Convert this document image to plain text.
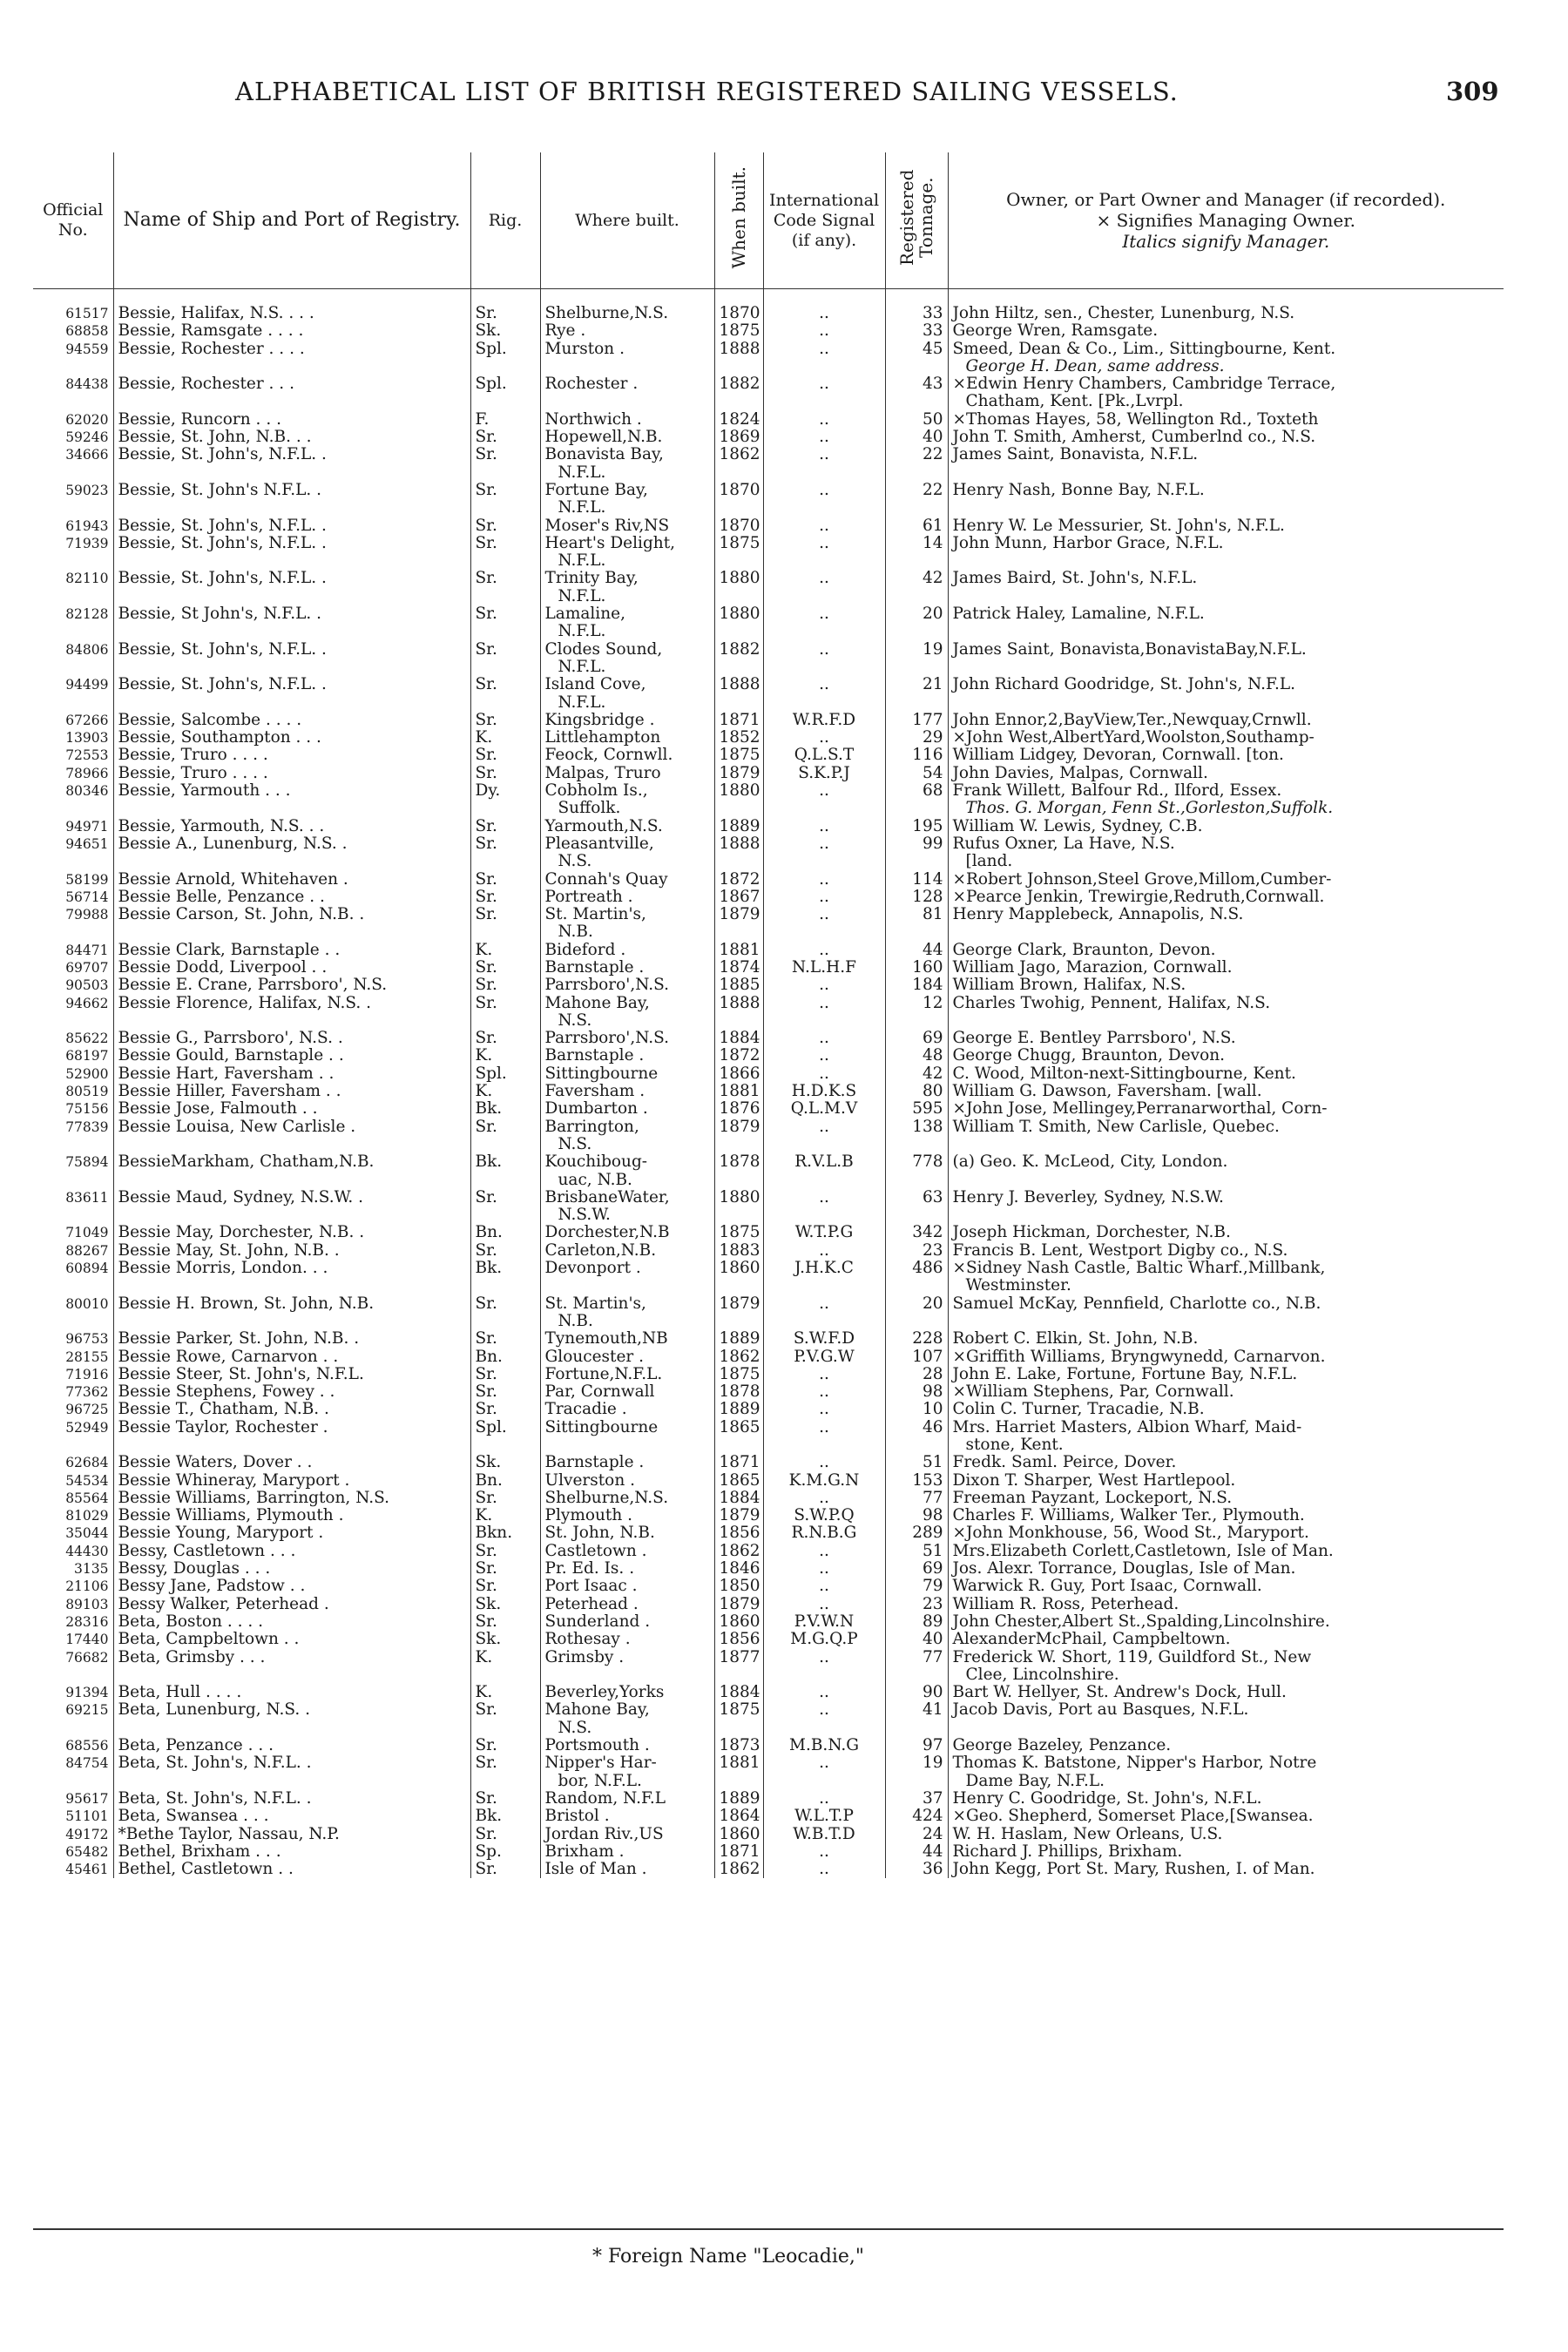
ALPHABETICAL LIST OF BRITISH REGISTERED SAILING VESSELS.	309
Official No.	Name of Ship and Port of Registry.	Rig.	Where built.	When built.	International Code Signal (if any).	Registered Tonnage.	Owner, or Part Owner and Manager (if recorded).
× Signifies Managing Owner.
Italics signify Manager.

61517	Bessie, Halifax, N.S. . . .	Sr.	Shelburne,N.S.	1870	..	33	John Hiltz, sen., Chester, Lunenburg, N.S.
68858	Bessie, Ramsgate . . . .	Sk.	Rye .	1875	..	33	George Wren, Ramsgate.
94559	Bessie, Rochester . . . .	Spl.	Murston .	1888	..	45	Smeed, Dean & Co., Lim., Sittingbourne, Kent.
							George H. Dean, same address.
84438	Bessie, Rochester . . .	Spl.	Rochester .	1882	..	43	×Edwin Henry Chambers, Cambridge Terrace,
							Chatham, Kent. [Pk.,Lvrpl.
62020	Bessie, Runcorn . . .	F.	Northwich .	1824	..	50	×Thomas Hayes, 58, Wellington Rd., Toxteth
59246	Bessie, St. John, N.B. . .	Sr.	Hopewell,N.B.	1869	..	40	John T. Smith, Amherst, Cumberlnd co., N.S.
34666	Bessie, St. John's, N.F.L. .	Sr.	Bonavista Bay,	1862	..	22	James Saint, Bonavista, N.F.L.
			N.F.L.				
59023	Bessie, St. John's N.F.L. .	Sr.	Fortune Bay,	1870	..	22	Henry Nash, Bonne Bay, N.F.L.
			N.F.L.				
61943	Bessie, St. John's, N.F.L. .	Sr.	Moser's Riv,NS	1870	..	61	Henry W. Le Messurier, St. John's, N.F.L.
71939	Bessie, St. John's, N.F.L. .	Sr.	Heart's Delight,	1875	..	14	John Munn, Harbor Grace, N.F.L.
			N.F.L.				
82110	Bessie, St. John's, N.F.L. .	Sr.	Trinity Bay,	1880	..	42	James Baird, St. John's, N.F.L.
			N.F.L.				
82128	Bessie, St John's, N.F.L. .	Sr.	Lamaline,	1880	..	20	Patrick Haley, Lamaline, N.F.L.
			N.F.L.				
84806	Bessie, St. John's, N.F.L. .	Sr.	Clodes Sound,	1882	..	19	James Saint, Bonavista,BonavistaBay,N.F.L.
			N.F.L.				
94499	Bessie, St. John's, N.F.L. .	Sr.	Island Cove,	1888	..	21	John Richard Goodridge, St. John's, N.F.L.
			N.F.L.				
67266	Bessie, Salcombe . . . .	Sr.	Kingsbridge .	1871	W.R.F.D	177	John Ennor,2,BayView,Ter.,Newquay,Crnwll.
13903	Bessie, Southampton . . .	K.	Littlehampton	1852	..	29	×John West,AlbertYard,Woolston,Southamp-
72553	Bessie, Truro . . . .	Sr.	Feock, Cornwll.	1875	Q.L.S.T	116	William Lidgey, Devoran, Cornwall. [ton.
78966	Bessie, Truro . . . .	Sr.	Malpas, Truro	1879	S.K.P.J	54	John Davies, Malpas, Cornwall.
80346	Bessie, Yarmouth . . .	Dy.	Cobholm Is.,	1880	..	68	Frank Willett, Balfour Rd., Ilford, Essex.
			Suffolk.				Thos. G. Morgan, Fenn St.,Gorleston,Suffolk.
94971	Bessie, Yarmouth, N.S. . .	Sr.	Yarmouth,N.S.	1889	..	195	William W. Lewis, Sydney, C.B.
94651	Bessie A., Lunenburg, N.S. .	Sr.	Pleasantville,	1888	..	99	Rufus Oxner, La Have, N.S.
			N.S.				[land.
58199	Bessie Arnold, Whitehaven .	Sr.	Connah's Quay	1872	..	114	×Robert Johnson,Steel Grove,Millom,Cumber-
56714	Bessie Belle, Penzance . .	Sr.	Portreath .	1867	..	128	×Pearce Jenkin, Trewirgie,Redruth,Cornwall.
79988	Bessie Carson, St. John, N.B. .	Sr.	St. Martin's,	1879	..	81	Henry Mapplebeck, Annapolis, N.S.
			N.B.				
84471	Bessie Clark, Barnstaple . .	K.	Bideford .	1881	..	44	George Clark, Braunton, Devon.
69707	Bessie Dodd, Liverpool . .	Sr.	Barnstaple .	1874	N.L.H.F	160	William Jago, Marazion, Cornwall.
90503	Bessie E. Crane, Parrsboro', N.S.	Sr.	Parrsboro',N.S.	1885	..	184	William Brown, Halifax, N.S.
94662	Bessie Florence, Halifax, N.S. .	Sr.	Mahone Bay,	1888	..	12	Charles Twohig, Pennent, Halifax, N.S.
			N.S.				
85622	Bessie G., Parrsboro', N.S. .	Sr.	Parrsboro',N.S.	1884	..	69	George E. Bentley Parrsboro', N.S.
68197	Bessie Gould, Barnstaple . .	K.	Barnstaple .	1872	..	48	George Chugg, Braunton, Devon.
52900	Bessie Hart, Faversham . .	Spl.	Sittingbourne	1866	..	42	C. Wood, Milton-next-Sittingbourne, Kent.
80519	Bessie Hiller, Faversham . .	K.	Faversham .	1881	H.D.K.S	80	William G. Dawson, Faversham. [wall.
75156	Bessie Jose, Falmouth . .	Bk.	Dumbarton .	1876	Q.L.M.V	595	×John Jose, Mellingey,Perranarworthal, Corn-
77839	Bessie Louisa, New Carlisle .	Sr.	Barrington,	1879	..	138	William T. Smith, New Carlisle, Quebec.
			N.S.				
75894	BessieMarkham, Chatham,N.B.	Bk.	Kouchiboug-	1878	R.V.L.B	778	(a) Geo. K. McLeod, City, London.
			uac, N.B.				
83611	Bessie Maud, Sydney, N.S.W. .	Sr.	BrisbaneWater,	1880	..	63	Henry J. Beverley, Sydney, N.S.W.
			N.S.W.				
71049	Bessie May, Dorchester, N.B. .	Bn.	Dorchester,N.B	1875	W.T.P.G	342	Joseph Hickman, Dorchester, N.B.
88267	Bessie May, St. John, N.B. .	Sr.	Carleton,N.B.	1883	..	23	Francis B. Lent, Westport Digby co., N.S.
60894	Bessie Morris, London. . .	Bk.	Devonport .	1860	J.H.K.C	486	×Sidney Nash Castle, Baltic Wharf.,Millbank,
							Westminster.
80010	Bessie H. Brown, St. John, N.B.	Sr.	St. Martin's,	1879	..	20	Samuel McKay, Pennfield, Charlotte co., N.B.
			N.B.				
96753	Bessie Parker, St. John, N.B. .	Sr.	Tynemouth,NB	1889	S.W.F.D	228	Robert C. Elkin, St. John, N.B.
28155	Bessie Rowe, Carnarvon . .	Bn.	Gloucester .	1862	P.V.G.W	107	×Griffith Williams, Bryngwynedd, Carnarvon.
71916	Bessie Steer, St. John's, N.F.L.	Sr.	Fortune,N.F.L.	1875	..	28	John E. Lake, Fortune, Fortune Bay, N.F.L.
77362	Bessie Stephens, Fowey . .	Sr.	Par, Cornwall	1878	..	98	×William Stephens, Par, Cornwall.
96725	Bessie T., Chatham, N.B. .	Sr.	Tracadie .	1889	..	10	Colin C. Turner, Tracadie, N.B.
52949	Bessie Taylor, Rochester .	Spl.	Sittingbourne	1865	..	46	Mrs. Harriet Masters, Albion Wharf, Maid-
							stone, Kent.
62684	Bessie Waters, Dover . .	Sk.	Barnstaple .	1871	..	51	Fredk. Saml. Peirce, Dover.
54534	Bessie Whineray, Maryport .	Bn.	Ulverston .	1865	K.M.G.N	153	Dixon T. Sharper, West Hartlepool.
85564	Bessie Williams, Barrington, N.S.	Sr.	Shelburne,N.S.	1884	..	77	Freeman Payzant, Lockeport, N.S.
81029	Bessie Williams, Plymouth .	K.	Plymouth .	1879	S.W.P.Q	98	Charles F. Williams, Walker Ter., Plymouth.
35044	Bessie Young, Maryport .	Bkn.	St. John, N.B.	1856	R.N.B.G	289	×John Monkhouse, 56, Wood St., Maryport.
44430	Bessy, Castletown . . .	Sr.	Castletown .	1862	..	51	Mrs.Elizabeth Corlett,Castletown, Isle of Man.
3135	Bessy, Douglas . . .	Sr.	Pr. Ed. Is. .	1846	..	69	Jos. Alexr. Torrance, Douglas, Isle of Man.
21106	Bessy Jane, Padstow . .	Sr.	Port Isaac .	1850	..	79	Warwick R. Guy, Port Isaac, Cornwall.
89103	Bessy Walker, Peterhead .	Sk.	Peterhead .	1879	..	23	William R. Ross, Peterhead.
28316	Beta, Boston . . . .	Sr.	Sunderland .	1860	P.V.W.N	89	John Chester,Albert St.,Spalding,Lincolnshire.
17440	Beta, Campbeltown . .	Sk.	Rothesay .	1856	M.G.Q.P	40	AlexanderMcPhail, Campbeltown.
76682	Beta, Grimsby . . .	K.	Grimsby .	1877	..	77	Frederick W. Short, 119, Guildford St., New
							Clee, Lincolnshire.
91394	Beta, Hull . . . .	K.	Beverley,Yorks	1884	..	90	Bart W. Hellyer, St. Andrew's Dock, Hull.
69215	Beta, Lunenburg, N.S. .	Sr.	Mahone Bay,	1875	..	41	Jacob Davis, Port au Basques, N.F.L.
			N.S.				
68556	Beta, Penzance . . .	Sr.	Portsmouth .	1873	M.B.N.G	97	George Bazeley, Penzance.
84754	Beta, St. John's, N.F.L. .	Sr.	Nipper's Har-	1881	..	19	Thomas K. Batstone, Nipper's Harbor, Notre
			bor, N.F.L.				Dame Bay, N.F.L.
95617	Beta, St. John's, N.F.L. .	Sr.	Random, N.F.L	1889	..	37	Henry C. Goodridge, St. John's, N.F.L.
51101	Beta, Swansea . . .	Bk.	Bristol .	1864	W.L.T.P	424	×Geo. Shepherd, Somerset Place,[Swansea.
49172	*Bethe Taylor, Nassau, N.P.	Sr.	Jordan Riv.,US	1860	W.B.T.D	24	W. H. Haslam, New Orleans, U.S.
65482	Bethel, Brixham . . .	Sp.	Brixham .	1871	..	44	Richard J. Phillips, Brixham.
45461	Bethel, Castletown . .	Sr.	Isle of Man .	1862	..	36	John Kegg, Port St. Mary, Rushen, I. of Man.
* Foreign Name "Leocadie,"
